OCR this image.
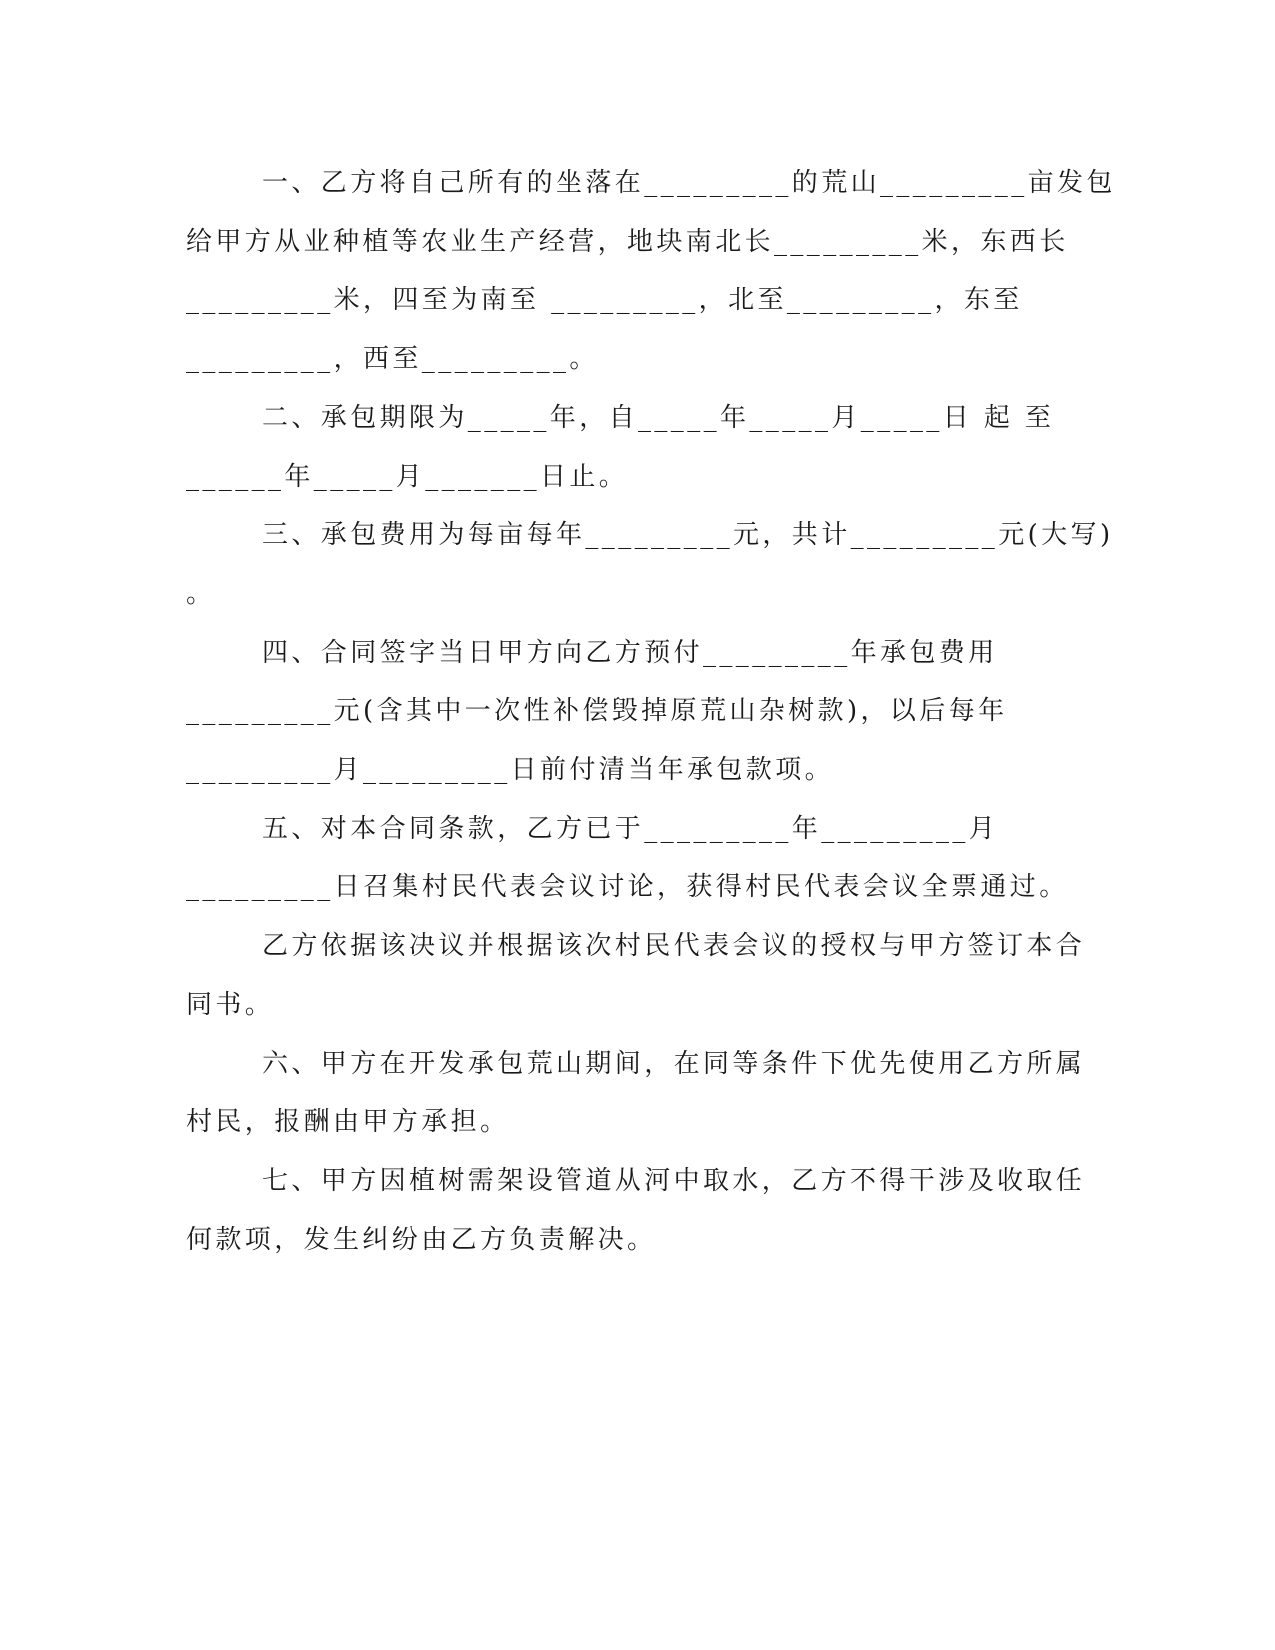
一、乙方将自己所有的坐落在_________的荒山_________亩发包

给甲方从业种植等农业生产经营，地块南北长_________米，东西长

_________米，四至为南至 _________，北至_________，东至

_________，西至_________。

二、承包期限为_____年，自_____年_____月_____日 起 至

______年_____月_______日止。

三、承包费用为每亩每年_________元，共计_________元(大写)

。

四、合同签字当日甲方向乙方预付_________年承包费用

_________元(含其中一次性补偿毁掉原荒山杂树款)，以后每年

_________月_________日前付清当年承包款项。

五、对本合同条款，乙方已于_________年_________月

_________日召集村民代表会议讨论，获得村民代表会议全票通过。

乙方依据该决议并根据该次村民代表会议的授权与甲方签订本合

同书。

六、甲方在开发承包荒山期间，在同等条件下优先使用乙方所属

村民，报酬由甲方承担。

七、甲方因植树需架设管道从河中取水，乙方不得干涉及收取任

何款项，发生纠纷由乙方负责解决。
